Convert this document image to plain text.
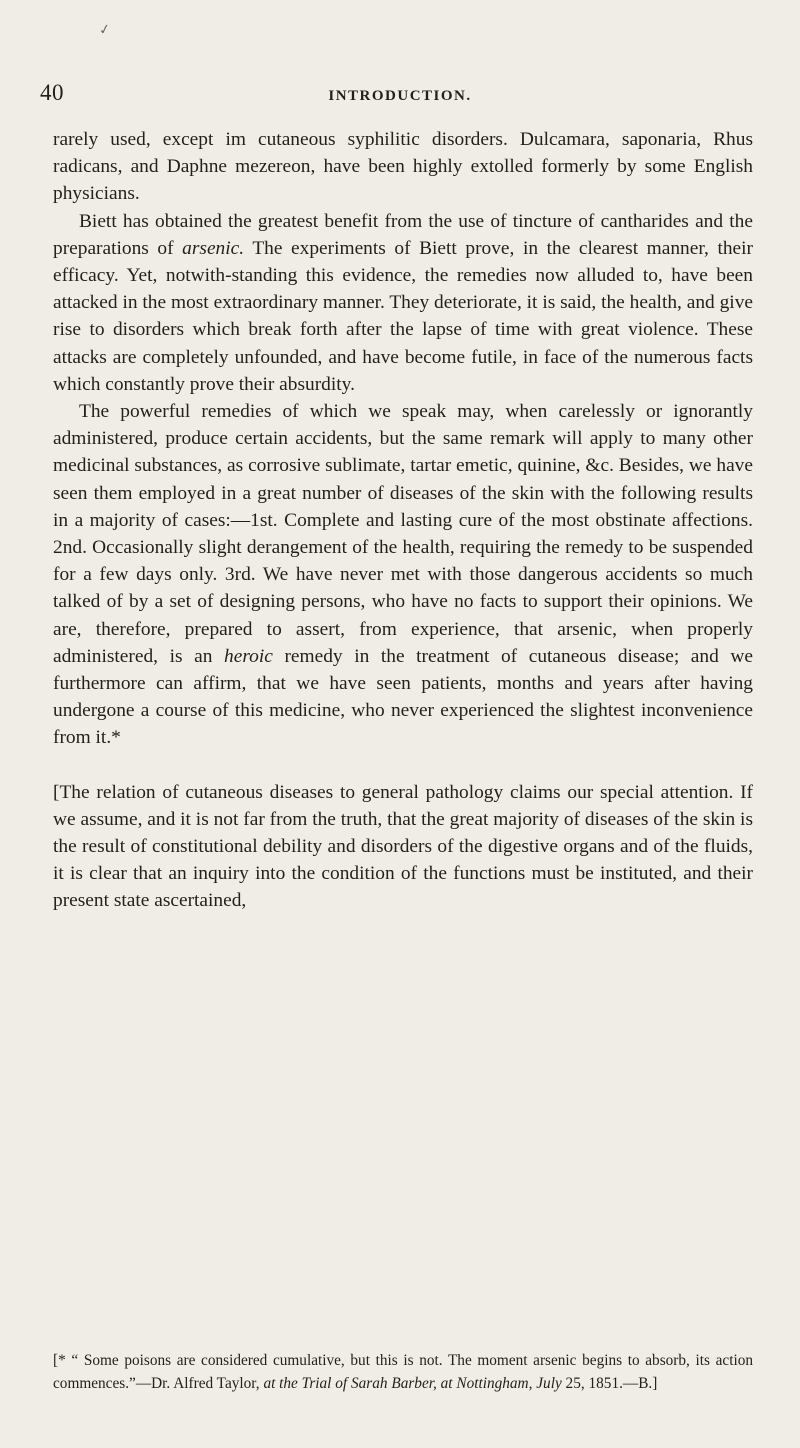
✓
40	INTRODUCTION.

rarely used, except im cutaneous syphilitic disorders. Dulcamara, saponaria, Rhus radicans, and Daphne mezereon, have been highly extolled formerly by some English physicians.

Biett has obtained the greatest benefit from the use of tincture of cantharides and the preparations of arsenic. The experiments of Biett prove, in the clearest manner, their efficacy. Yet, notwith-standing this evidence, the remedies now alluded to, have been attacked in the most extraordinary manner. They deteriorate, it is said, the health, and give rise to disorders which break forth after the lapse of time with great violence. These attacks are completely unfounded, and have become futile, in face of the numerous facts which constantly prove their absurdity.

The powerful remedies of which we speak may, when carelessly or ignorantly administered, produce certain accidents, but the same remark will apply to many other medicinal substances, as corrosive sublimate, tartar emetic, quinine, &c. Besides, we have seen them employed in a great number of diseases of the skin with the following results in a majority of cases:—1st. Complete and lasting cure of the most obstinate affections. 2nd. Occasionally slight derangement of the health, requiring the remedy to be suspended for a few days only. 3rd. We have never met with those dangerous accidents so much talked of by a set of designing persons, who have no facts to support their opinions. We are, therefore, prepared to assert, from experience, that arsenic, when properly administered, is an heroic remedy in the treatment of cutaneous disease; and we furthermore can affirm, that we have seen patients, months and years after having undergone a course of this medicine, who never experienced the slightest inconvenience from it.*

[The relation of cutaneous diseases to general pathology claims our special attention. If we assume, and it is not far from the truth, that the great majority of diseases of the skin is the result of constitutional debility and disorders of the digestive organs and of the fluids, it is clear that an inquiry into the condition of the functions must be instituted, and their present state ascertained,

[* “ Some poisons are considered cumulative, but this is not. The moment arsenic begins to absorb, its action commences.”—Dr. Alfred Taylor, at the Trial of Sarah Barber, at Nottingham, July 25, 1851.—B.]
